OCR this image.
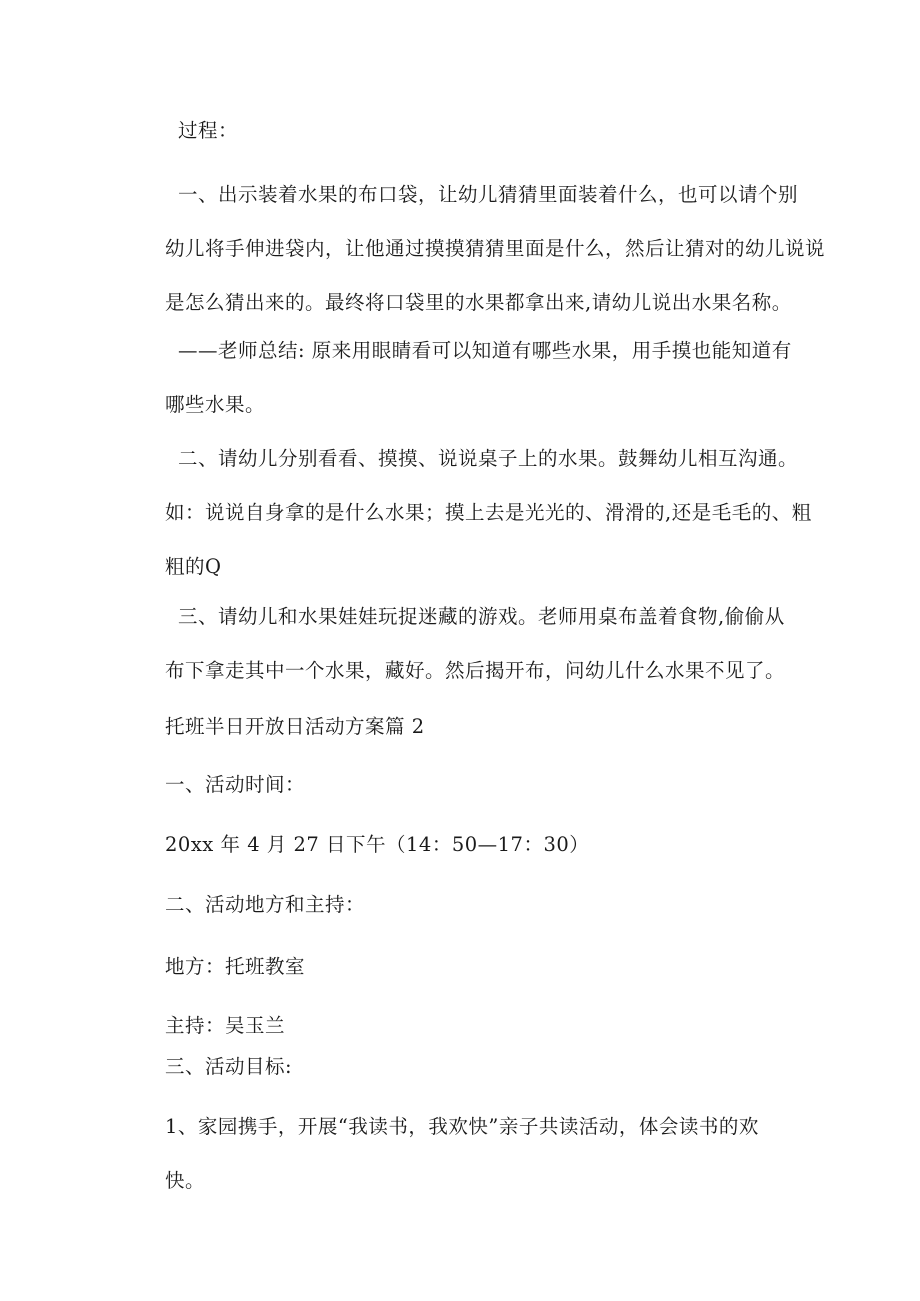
过程：

一、出示装着水果的布口袋，让幼儿猜猜里面装着什么，也可以请个别
幼儿将手伸进袋内，让他通过摸摸猜猜里面是什么，然后让猜对的幼儿说说
是怎么猜出来的。最终将口袋里的水果都拿出来,请幼儿说出水果名称。
——老师总结: 原来用眼睛看可以知道有哪些水果，用手摸也能知道有
哪些水果。
二、请幼儿分别看看、摸摸、说说桌子上的水果。鼓舞幼儿相互沟通。
如：说说自身拿的是什么水果；摸上去是光光的、滑滑的,还是毛毛的、粗
粗的Q
三、请幼儿和水果娃娃玩捉迷藏的游戏。老师用桌布盖着食物,偷偷从
布下拿走其中一个水果，藏好。然后揭开布，问幼儿什么水果不见了。

托班半日开放日活动方案篇 2

一、活动时间：

20xx 年 4 月 27 日下午（14：50—17：30）

二、活动地方和主持：

地方：托班教室

主持：吴玉兰

三、活动目标:

1、家园携手，开展“我读书，我欢快”亲子共读活动，体会读书的欢
快。
